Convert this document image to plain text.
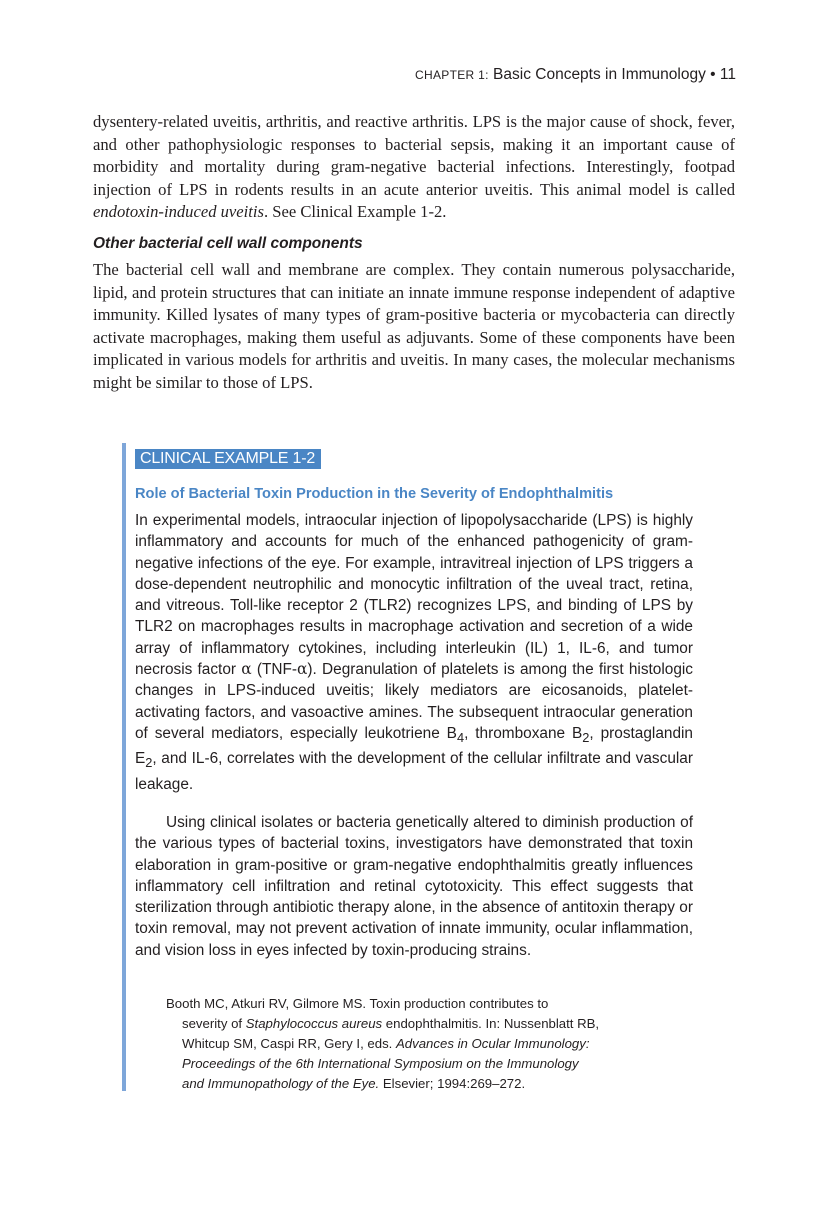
CHAPTER 1: Basic Concepts in Immunology • 11

dysentery-related uveitis, arthritis, and reactive arthritis. LPS is the major cause of shock, fever, and other pathophysiologic responses to bacterial sepsis, making it an important cause of morbidity and mortality during gram-negative bacterial infections. Interestingly, footpad injection of LPS in rodents results in an acute anterior uveitis. This animal model is called endotoxin-induced uveitis. See Clinical Example 1-2.

Other bacterial cell wall components

The bacterial cell wall and membrane are complex. They contain numerous polysaccharide, lipid, and protein structures that can initiate an innate immune response independent of adaptive immunity. Killed lysates of many types of gram-positive bacteria or mycobacteria can directly activate macrophages, making them useful as adjuvants. Some of these components have been implicated in various models for arthritis and uveitis. In many cases, the molecular mechanisms might be similar to those of LPS.

CLINICAL EXAMPLE 1-2
Role of Bacterial Toxin Production in the Severity of Endophthalmitis

In experimental models, intraocular injection of lipopolysaccharide (LPS) is highly inflammatory and accounts for much of the enhanced pathogenicity of gram-negative infections of the eye. For example, intravitreal injection of LPS triggers a dose-dependent neutrophilic and monocytic infiltration of the uveal tract, retina, and vitreous. Toll-like receptor 2 (TLR2) recognizes LPS, and binding of LPS by TLR2 on macrophages results in macrophage activation and secretion of a wide array of inflammatory cytokines, including interleukin (IL) 1, IL-6, and tumor necrosis factor α (TNF-α). Degranulation of platelets is among the first histologic changes in LPS-induced uveitis; likely mediators are eicosanoids, platelet-activating factors, and vasoactive amines. The subsequent intraocular generation of several mediators, especially leukotriene $B_4$, thromboxane $B_2$, prostaglandin $E_2$, and IL-6, correlates with the development of the cellular infiltrate and vascular leakage.

Using clinical isolates or bacteria genetically altered to diminish production of the various types of bacterial toxins, investigators have demonstrated that toxin elaboration in gram-positive or gram-negative endophthalmitis greatly influences inflammatory cell infiltration and retinal cytotoxicity. This effect suggests that sterilization through antibiotic therapy alone, in the absence of antitoxin therapy or toxin removal, may not prevent activation of innate immunity, ocular inflammation, and vision loss in eyes infected by toxin-producing strains.

Booth MC, Atkuri RV, Gilmore MS. Toxin production contributes to
severity of Staphylococcus aureus endophthalmitis. In: Nussenblatt RB,
Whitcup SM, Caspi RR, Gery I, eds. Advances in Ocular Immunology:
Proceedings of the 6th International Symposium on the Immunology
and Immunopathology of the Eye. Elsevier; 1994:269–272.
